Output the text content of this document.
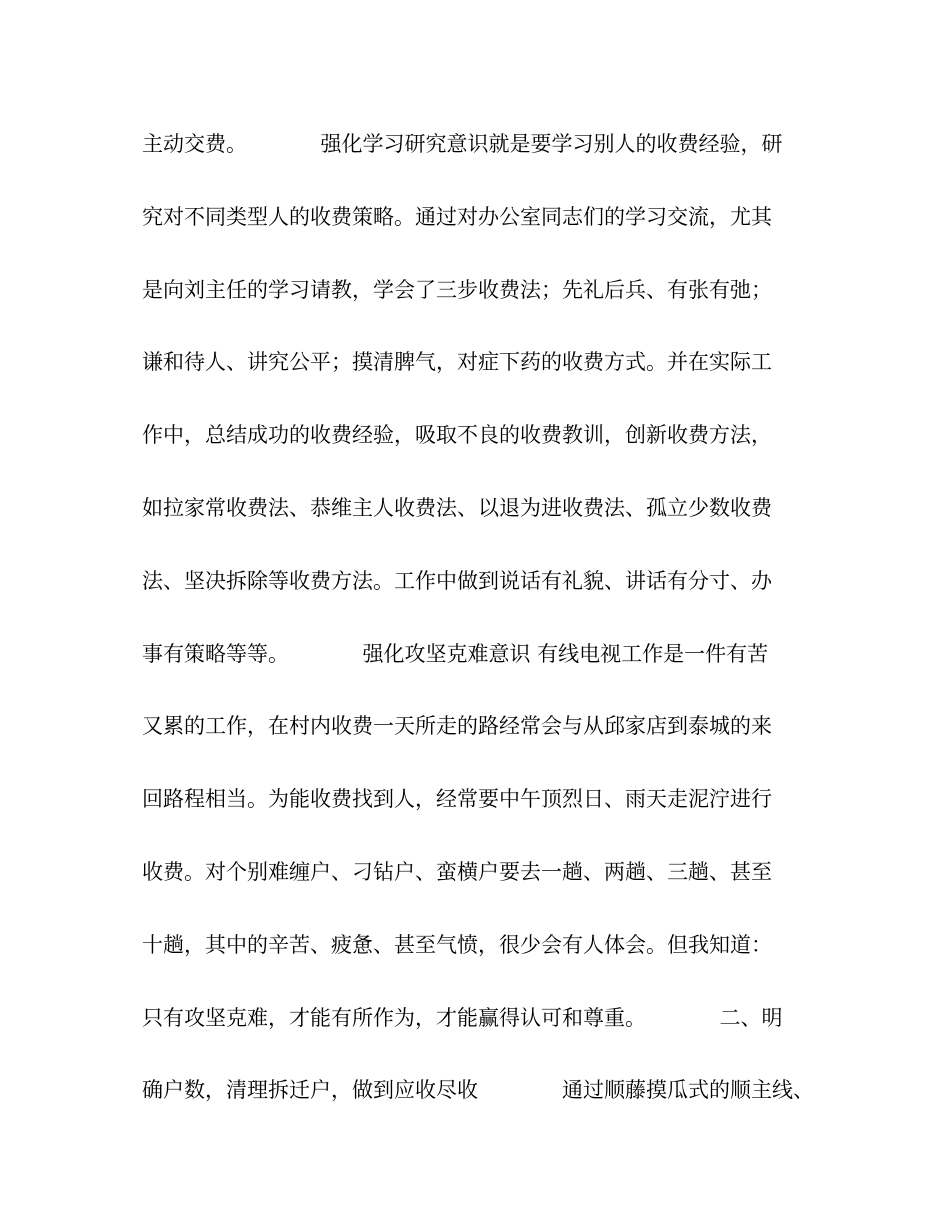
主动交费。　　　　强化学习研究意识就是要学习别人的收费经验，研
究对不同类型人的收费策略。通过对办公室同志们的学习交流，尤其
是向刘主任的学习请教，学会了三步收费法；先礼后兵、有张有弛；
谦和待人、讲究公平；摸清脾气，对症下药的收费方式。并在实际工
作中，总结成功的收费经验，吸取不良的收费教训，创新收费方法，
如拉家常收费法、恭维主人收费法、以退为进收费法、孤立少数收费
法、坚决拆除等收费方法。工作中做到说话有礼貌、讲话有分寸、办
事有策略等等。　　　　强化攻坚克难意识 有线电视工作是一件有苦
又累的工作，在村内收费一天所走的路经常会与从邱家店到泰城的来
回路程相当。为能收费找到人，经常要中午顶烈日、雨天走泥泞进行
收费。对个别难缠户、刁钻户、蛮横户要去一趟、两趟、三趟、甚至
十趟，其中的辛苦、疲惫、甚至气愤，很少会有人体会。但我知道：
只有攻坚克难，才能有所作为，才能赢得认可和尊重。　　　　二、明
确户数，清理拆迁户，做到应收尽收　　　　通过顺藤摸瓜式的顺主线、
